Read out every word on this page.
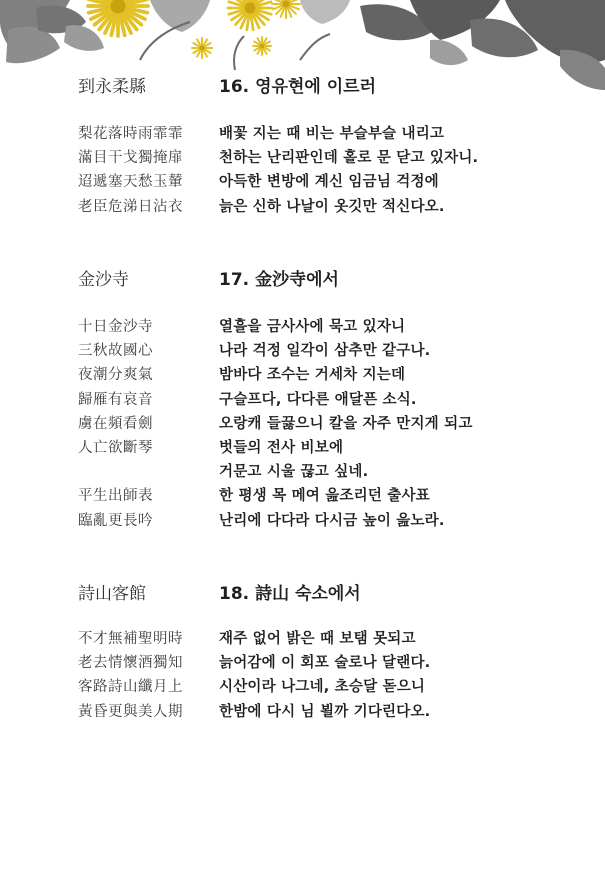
到永柔縣	16. 영유현에 이르러
梨花落時雨霏霏 배꽃 지는 때 비는 부슬부슬 내리고
滿目干戈獨掩扉 천하는 난리판인데 홀로 문 닫고 있자니.
迢遞塞天愁玉輦 아득한 변방에 계신 임금님 걱정에
老臣危涕日沾衣 늙은 신하 나날이 옷깃만 적신다오.
金沙寺	17. 金沙寺에서
十日金沙寺	열흘을 금사사에 묵고 있자니
三秋故國心	나라 걱정 일각이 삼추만 같구나.
夜潮分爽氣	밤바다 조수는 거세차 지는데
歸雁有哀音	구슬프다, 다다른 애달픈 소식.
虜在頻看劍	오랑캐 들끓으니 칼을 자주 만지게 되고
人亡欲斷琴	벗들의 전사 비보에
거문고 시울 끊고 싶네.
平生出師表	한 평생 목 메여 읊조리던 출사표
臨亂更長吟	난리에 다다라 다시금 높이 읊노라.
詩山客館	18. 詩山 숙소에서
不才無補聖明時 재주 없어 밝은 때 보탬 못되고
老去情懷酒獨知 늙어감에 이 회포 술로나 달랜다.
客路詩山纖月上 시산이라 나그네, 초승달 돋으니
黃昏更與美人期 한밤에 다시 님 뵐까 기다린다오.
